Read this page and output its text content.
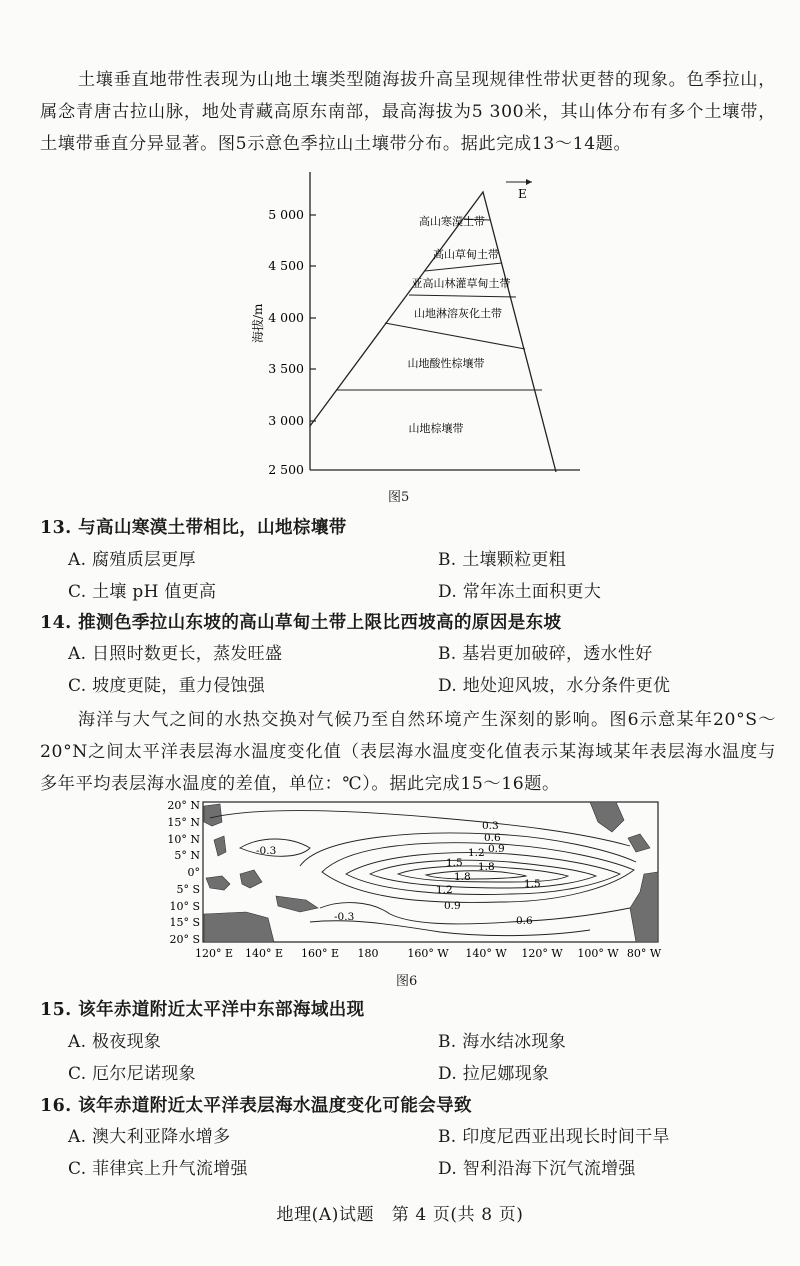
土壤垂直地带性表现为山地土壤类型随海拔升高呈现规律性带状更替的现象。色季拉山，属念青唐古拉山脉，地处青藏高原东南部，最高海拔为5 300米，其山体分布有多个土壤带，土壤带垂直分异显著。图5示意色季拉山土壤带分布。据此完成13～14题。

5 000
4 500
4 000
3 500
3 000
2 500
海拔/m
E
高山寒漠土带
高山草甸土带
亚高山林灌草甸土带
山地淋溶灰化土带
山地酸性棕壤带
山地棕壤带
图5
13. 与高山寒漠土带相比，山地棕壤带
A. 腐殖质层更厚	B. 土壤颗粒更粗
C. 土壤 pH 值更高	D. 常年冻土面积更大
14. 推测色季拉山东坡的高山草甸土带上限比西坡高的原因是东坡
A. 日照时数更长，蒸发旺盛	B. 基岩更加破碎，透水性好
C. 坡度更陡，重力侵蚀强	D. 地处迎风坡，水分条件更优

海洋与大气之间的水热交换对气候乃至自然环境产生深刻的影响。图6示意某年20°S～20°N之间太平洋表层海水温度变化值（表层海水温度变化值表示某海域某年表层海水温度与多年平均表层海水温度的差值，单位：℃）。据此完成15～16题。

20° N
15° N
10° N
5° N
0°
5° S
10° S
15° S
20° S
120° E 140° E 160° E 180	160° W 140° W 120° W 100° W 80° W
0.3
0.6
0.9
1.2
1.5 1.8
1.8
1.5
1.2
0.9
0.6
-0.3
-0.3
图6
15. 该年赤道附近太平洋中东部海域出现
A. 极夜现象	B. 海水结冰现象
C. 厄尔尼诺现象	D. 拉尼娜现象
16. 该年赤道附近太平洋表层海水温度变化可能会导致
A. 澳大利亚降水增多	B. 印度尼西亚出现长时间干旱
C. 菲律宾上升气流增强	D. 智利沿海下沉气流增强
地理(A)试题　第 4 页(共 8 页)
